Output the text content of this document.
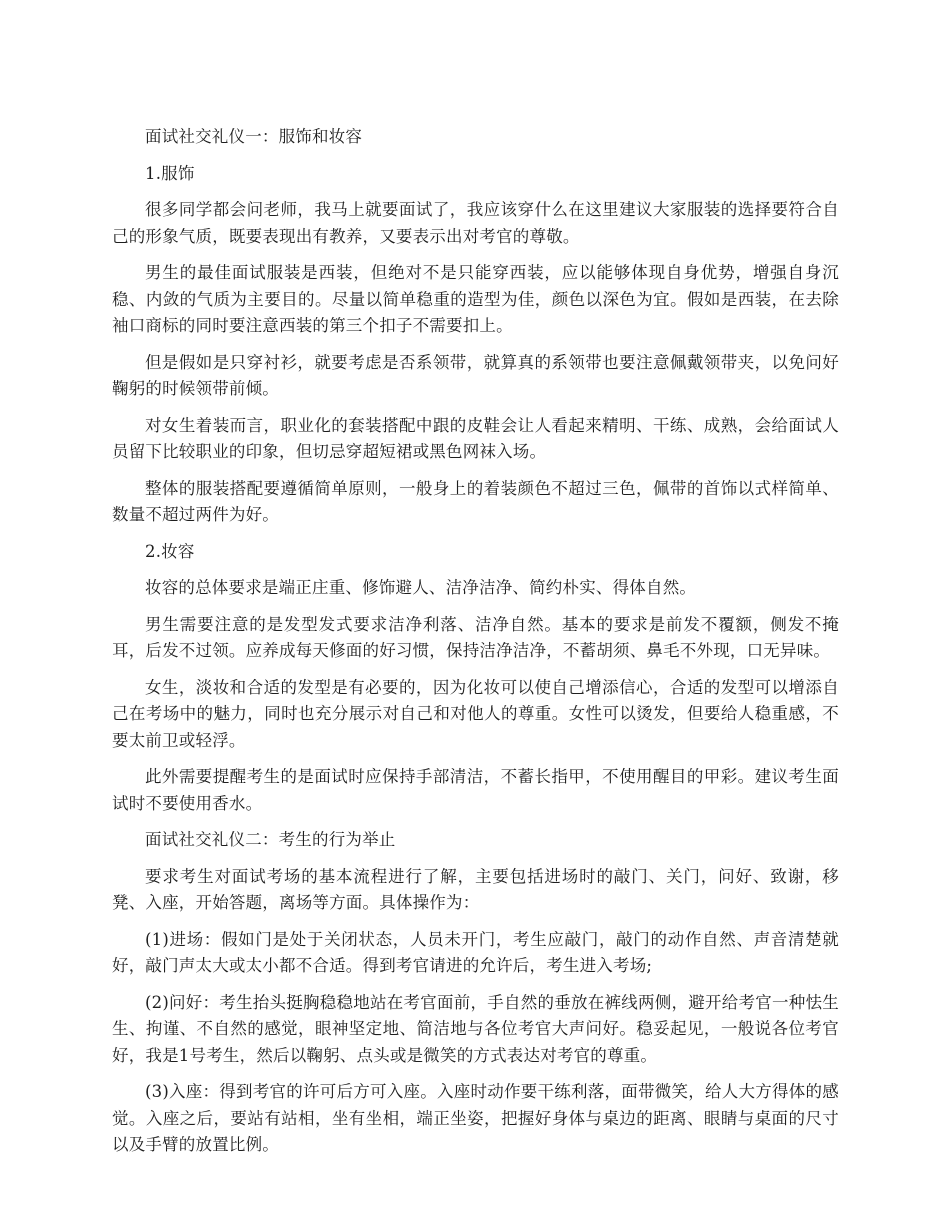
面试社交礼仪一：服饰和妆容

1.服饰

很多同学都会问老师，我马上就要面试了，我应该穿什么在这里建议大家服装的选择要符合自己的形象气质，既要表现出有教养，又要表示出对考官的尊敬。

男生的最佳面试服装是西装，但绝对不是只能穿西装，应以能够体现自身优势，增强自身沉稳、内敛的气质为主要目的。尽量以简单稳重的造型为佳，颜色以深色为宜。假如是西装，在去除袖口商标的同时要注意西装的第三个扣子不需要扣上。

但是假如是只穿衬衫，就要考虑是否系领带，就算真的系领带也要注意佩戴领带夹，以免问好鞠躬的时候领带前倾。

对女生着装而言，职业化的套装搭配中跟的皮鞋会让人看起来精明、干练、成熟，会给面试人员留下比较职业的印象，但切忌穿超短裙或黑色网袜入场。

整体的服装搭配要遵循简单原则，一般身上的着装颜色不超过三色，佩带的首饰以式样简单、数量不超过两件为好。

2.妆容

妆容的总体要求是端正庄重、修饰避人、洁净洁净、简约朴实、得体自然。

男生需要注意的是发型发式要求洁净利落、洁净自然。基本的要求是前发不覆额，侧发不掩耳，后发不过领。应养成每天修面的好习惯，保持洁净洁净，不蓄胡须、鼻毛不外现，口无异味。

女生，淡妆和合适的发型是有必要的，因为化妆可以使自己增添信心，合适的发型可以增添自己在考场中的魅力，同时也充分展示对自己和对他人的尊重。女性可以烫发，但要给人稳重感，不要太前卫或轻浮。

此外需要提醒考生的是面试时应保持手部清洁，不蓄长指甲，不使用醒目的甲彩。建议考生面试时不要使用香水。

面试社交礼仪二：考生的行为举止

要求考生对面试考场的基本流程进行了解，主要包括进场时的敲门、关门，问好、致谢，移凳、入座，开始答题，离场等方面。具体操作为：

(1)进场：假如门是处于关闭状态，人员未开门，考生应敲门，敲门的动作自然、声音清楚就好，敲门声太大或太小都不合适。得到考官请进的允许后，考生进入考场;

(2)问好：考生抬头挺胸稳稳地站在考官面前，手自然的垂放在裤线两侧，避开给考官一种怯生生、拘谨、不自然的感觉，眼神坚定地、简洁地与各位考官大声问好。稳妥起见，一般说各位考官好，我是1号考生，然后以鞠躬、点头或是微笑的方式表达对考官的尊重。

(3)入座：得到考官的许可后方可入座。入座时动作要干练利落，面带微笑，给人大方得体的感觉。入座之后，要站有站相，坐有坐相，端正坐姿，把握好身体与桌边的距离、眼睛与桌面的尺寸以及手臂的放置比例。
